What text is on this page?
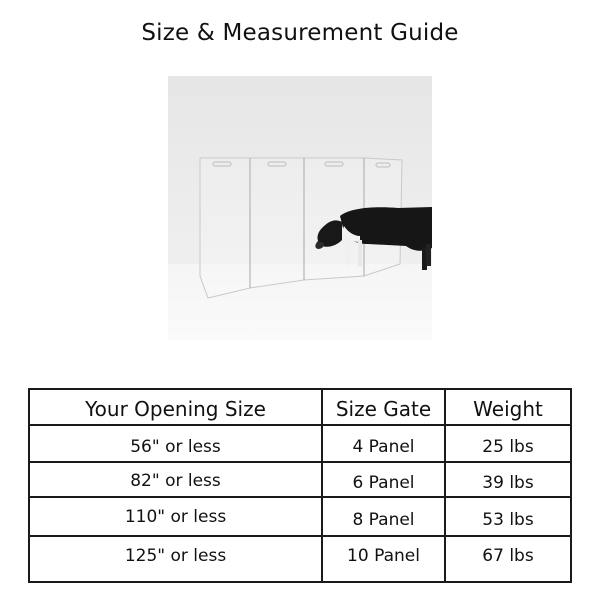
Size & Measurement Guide
Your Opening Size	Size Gate	Weight
56" or less	4 Panel	25 lbs
82" or less	6 Panel	39 lbs
110" or less	8 Panel	53 lbs
125" or less	10 Panel	67 lbs
